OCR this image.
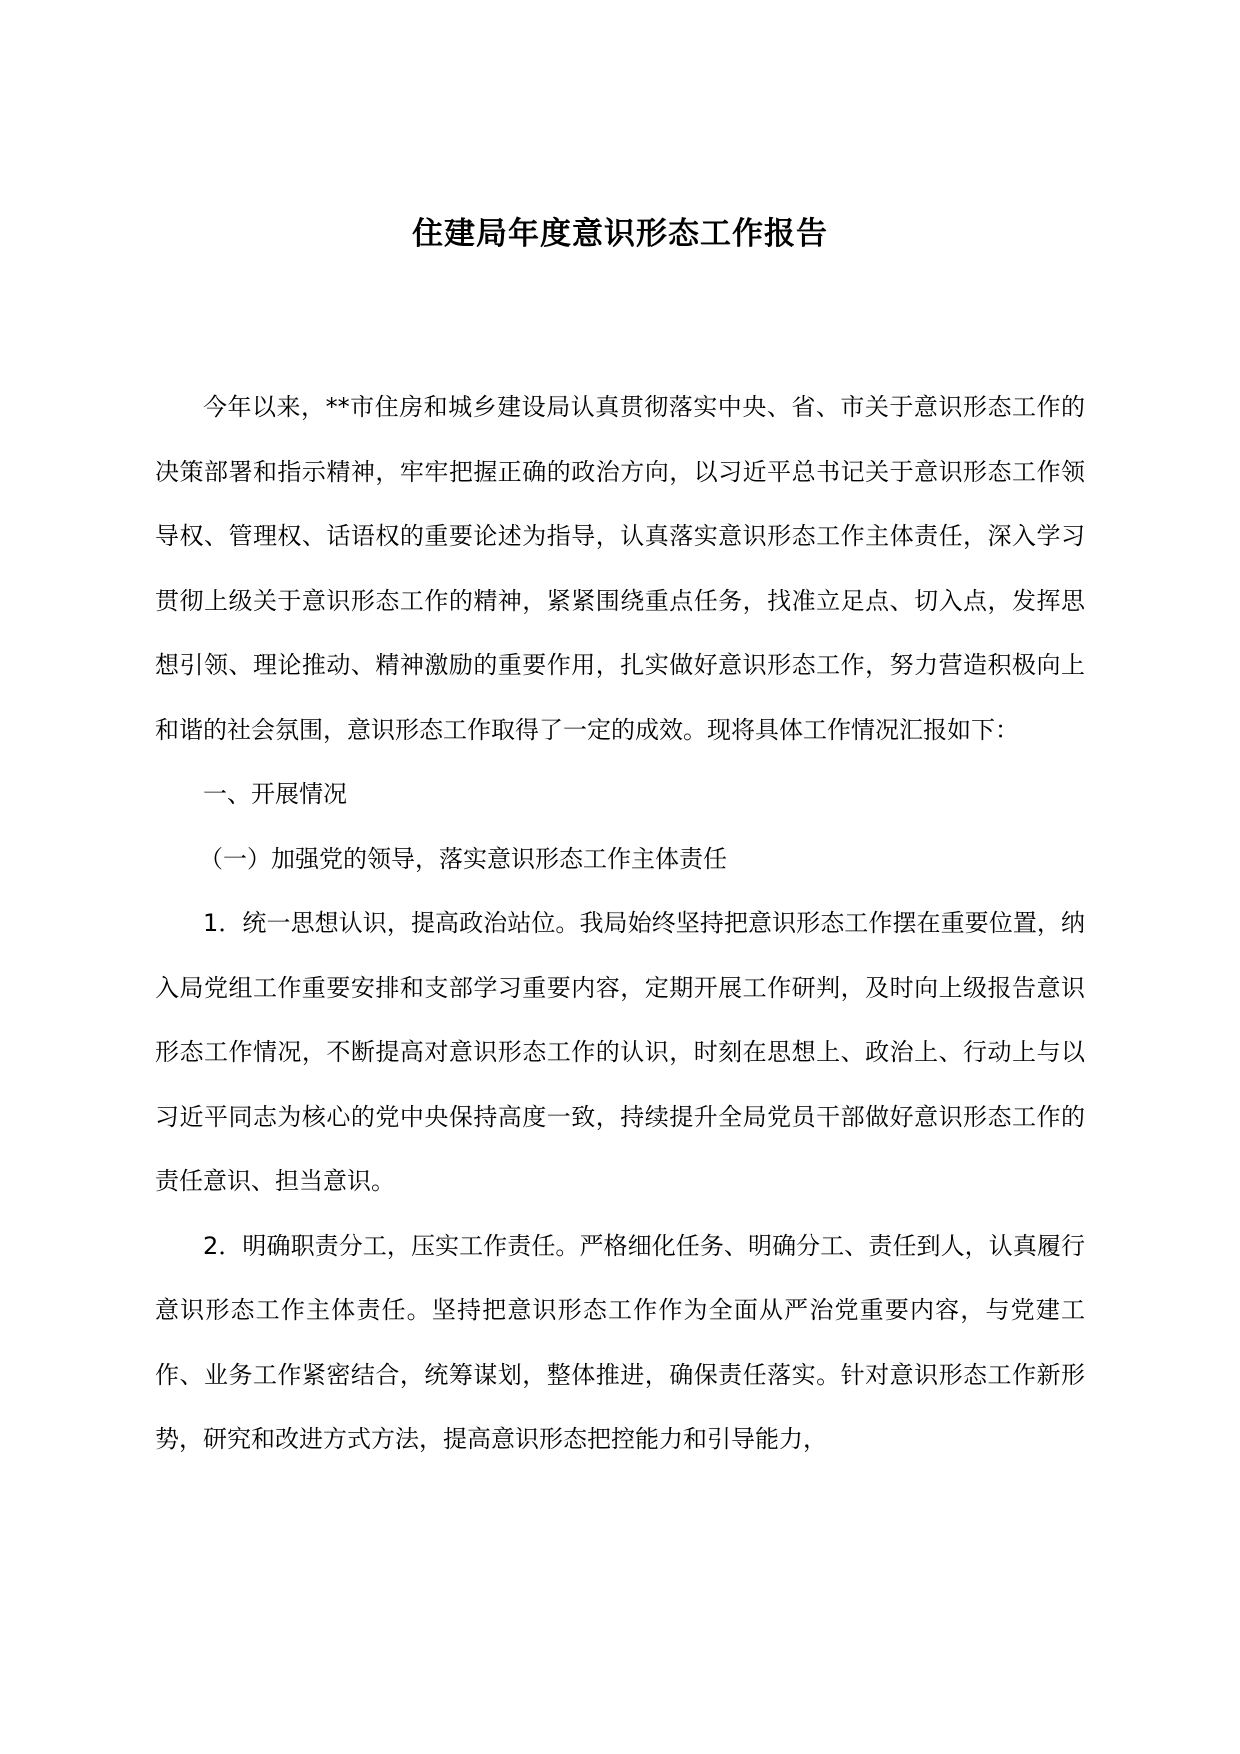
住建局年度意识形态工作报告

今年以来，**市住房和城乡建设局认真贯彻落实中央、省、市关于意识形态工作的决策部署和指示精神，牢牢把握正确的政治方向，以习近平总书记关于意识形态工作领导权、管理权、话语权的重要论述为指导，认真落实意识形态工作主体责任，深入学习贯彻上级关于意识形态工作的精神，紧紧围绕重点任务，找准立足点、切入点，发挥思想引领、理论推动、精神激励的重要作用，扎实做好意识形态工作，努力营造积极向上和谐的社会氛围，意识形态工作取得了一定的成效。现将具体工作情况汇报如下：

一、开展情况

（一）加强党的领导，落实意识形态工作主体责任

1．统一思想认识，提高政治站位。我局始终坚持把意识形态工作摆在重要位置，纳入局党组工作重要安排和支部学习重要内容，定期开展工作研判，及时向上级报告意识形态工作情况，不断提高对意识形态工作的认识，时刻在思想上、政治上、行动上与以习近平同志为核心的党中央保持高度一致，持续提升全局党员干部做好意识形态工作的责任意识、担当意识。

2．明确职责分工，压实工作责任。严格细化任务、明确分工、责任到人，认真履行意识形态工作主体责任。坚持把意识形态工作作为全面从严治党重要内容，与党建工作、业务工作紧密结合，统筹谋划，整体推进，确保责任落实。针对意识形态工作新形势，研究和改进方式方法，提高意识形态把控能力和引导能力，
